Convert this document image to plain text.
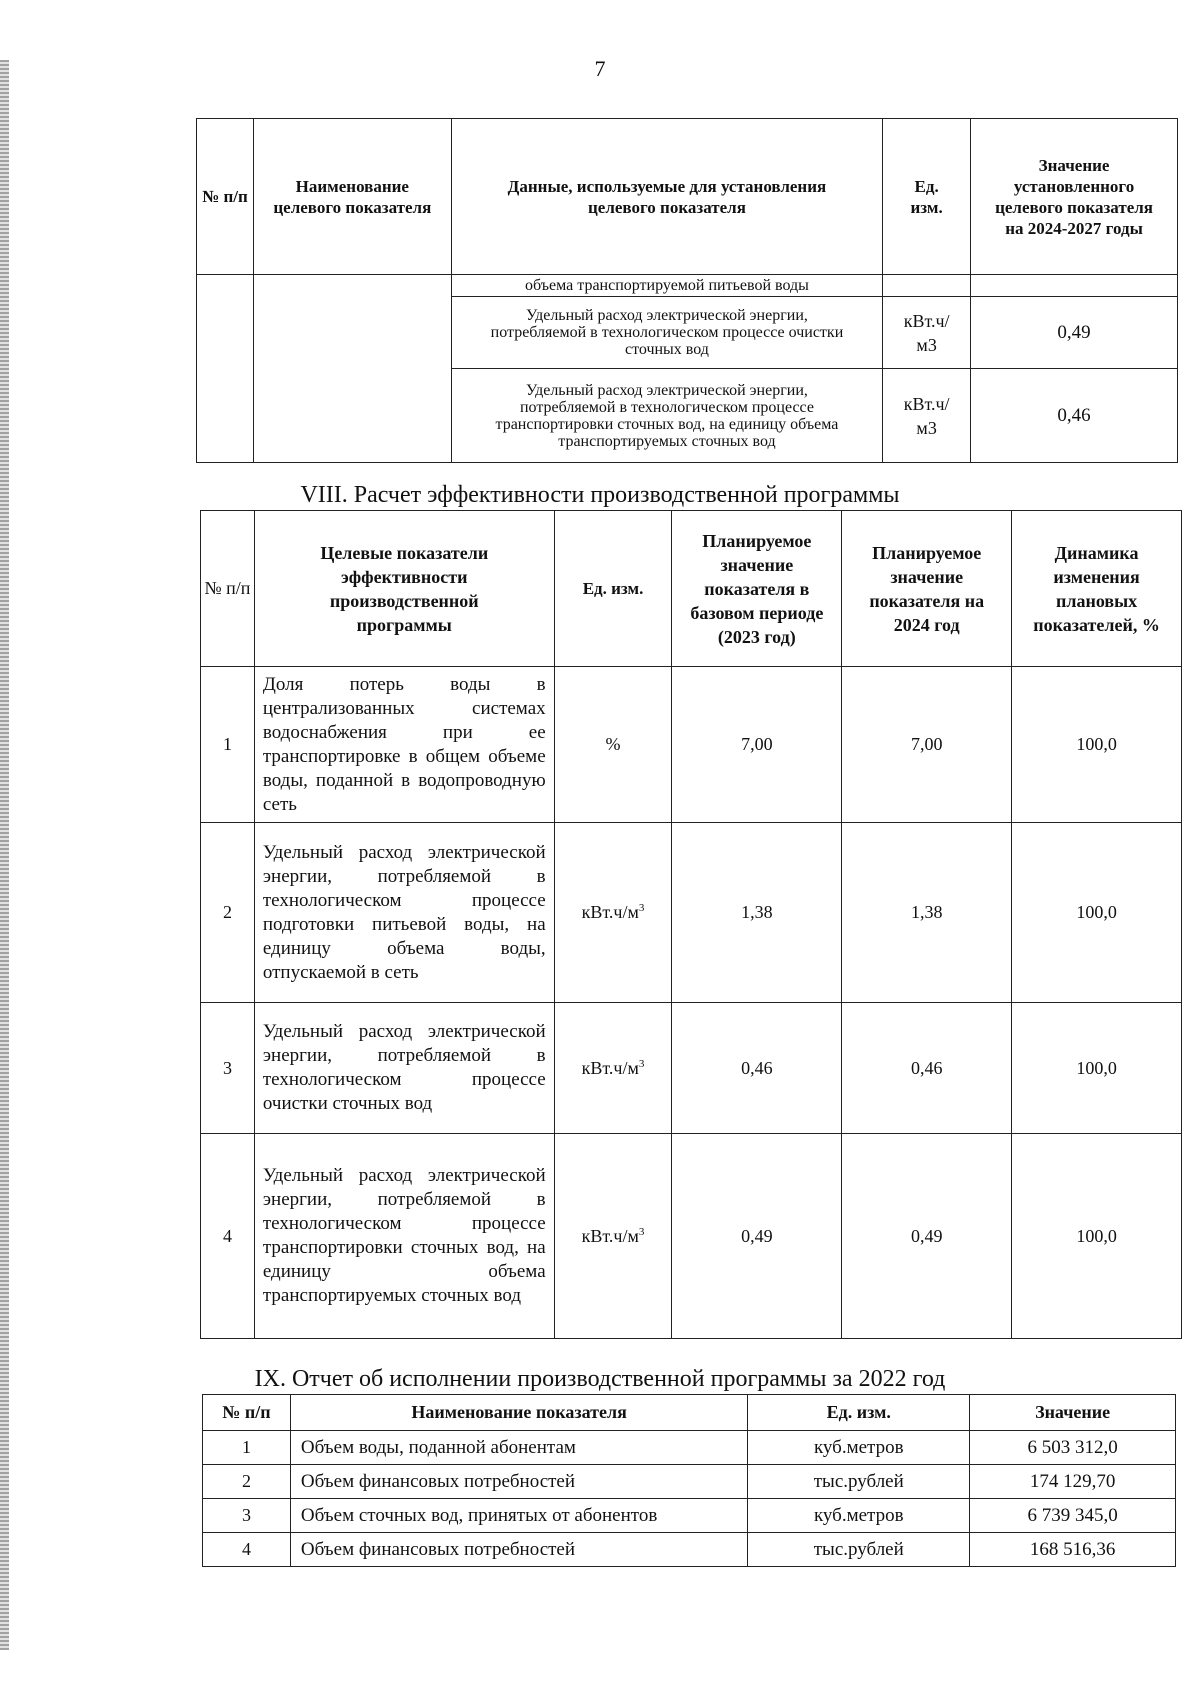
7
№ п/п	Наименование целевого показателя	Данные, используемые для установления целевого показателя	Ед. изм.	Значение установленного целевого показателя на 2024-2027 годы
		объема транспортируемой питьевой воды		
		Удельный расход электрической энергии, потребляемой в технологическом процессе очистки сточных вод	кВт.ч/ м3	0,49
		Удельный расход электрической энергии, потребляемой в технологическом процессе транспортировки сточных вод, на единицу объема транспортируемых сточных вод	кВт.ч/ м3	0,46
VIII. Расчет эффективности производственной программы
№ п/п	Целевые показатели эффективности производственной программы	Ед. изм.	Планируемое значение показателя в базовом периоде (2023 год)	Планируемое значение показателя на 2024 год	Динамика изменения плановых показателей, %
1	Доля потерь воды в централизованных системах водоснабжения при ее транспортировке в общем объеме воды, поданной в водопроводную сеть	%	7,00	7,00	100,0
2	Удельный расход электрической энергии, потребляемой в технологическом процессе подготовки питьевой воды, на единицу объема воды, отпускаемой в сеть	$кВт.ч/м^3$	1,38	1,38	100,0
3	Удельный расход электрической энергии, потребляемой в технологическом процессе очистки сточных вод	$кВт.ч/м^3$	0,46	0,46	100,0
4	Удельный расход электрической энергии, потребляемой в технологическом процессе транспортировки сточных вод, на единицу объема транспортируемых сточных вод	$кВт.ч/м^3$	0,49	0,49	100,0
IX. Отчет об исполнении производственной программы за 2022 год
№ п/п	Наименование показателя	Ед. изм.	Значение
1	Объем воды, поданной абонентам	куб.метров	6 503 312,0
2	Объем финансовых потребностей	тыс.рублей	174 129,70
3	Объем сточных вод, принятых от абонентов	куб.метров	6 739 345,0
4	Объем финансовых потребностей	тыс.рублей	168 516,36
